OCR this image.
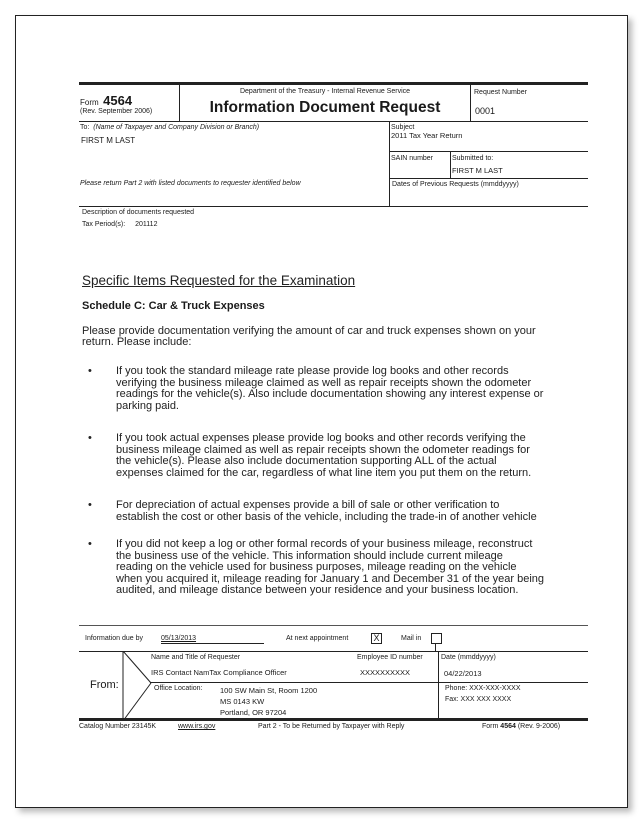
Form 4564
(Rev. September 2006)
Department of the Treasury - Internal Revenue Service
Information Document Request
Request Number
0001
To: (Name of Taxpayer and Company Division or Branch)
FIRST M LAST
Please return Part 2 with listed documents to requester identified below
Subject
2011 Tax Year Return
SAIN number	Submitted to:
FIRST M LAST
Dates of Previous Requests (mmddyyyy)
Description of documents requested
Tax Period(s): 201112
Specific Items Requested for the Examination
Schedule C: Car & Truck Expenses
Please provide documentation verifying the amount of car and truck expenses shown on your
return. Please include:
• If you took the standard mileage rate please provide log books and other records
verifying the business mileage claimed as well as repair receipts shown the odometer
readings for the vehicle(s). Also include documentation showing any interest expense or
parking paid.
• If you took actual expenses please provide log books and other records verifying the
business mileage claimed as well as repair receipts shown the odometer readings for
the vehicle(s). Please also include documentation supporting ALL of the actual
expenses claimed for the car, regardless of what line item you put them on the return.
• For depreciation of actual expenses provide a bill of sale or other verification to
establish the cost or other basis of the vehicle, including the trade-in of another vehicle
• If you did not keep a log or other formal records of your business mileage, reconstruct
the business use of the vehicle. This information should include current mileage
reading on the vehicle used for business purposes, mileage reading on the vehicle
when you acquired it, mileage reading for January 1 and December 31 of the year being
audited, and mileage distance between your residence and your business location.
Information due by	05/13/2013	At next appointment	X	Mail in
From:
Name and Title of Requester
IRS Contact NamTax Compliance Officer
Employee ID number
XXXXXXXXXX
Date (mmddyyyy)
04/22/2013
Office Location: 100 SW Main St, Room 1200
MS 0143 KW
Portland, OR 97204
Phone: XXX-XXX-XXXX
Fax: XXX XXX XXXX
Catalog Number 23145K	www.irs.gov	Part 2 - To be Returned by Taxpayer with Reply	Form 4564 (Rev. 9-2006)
